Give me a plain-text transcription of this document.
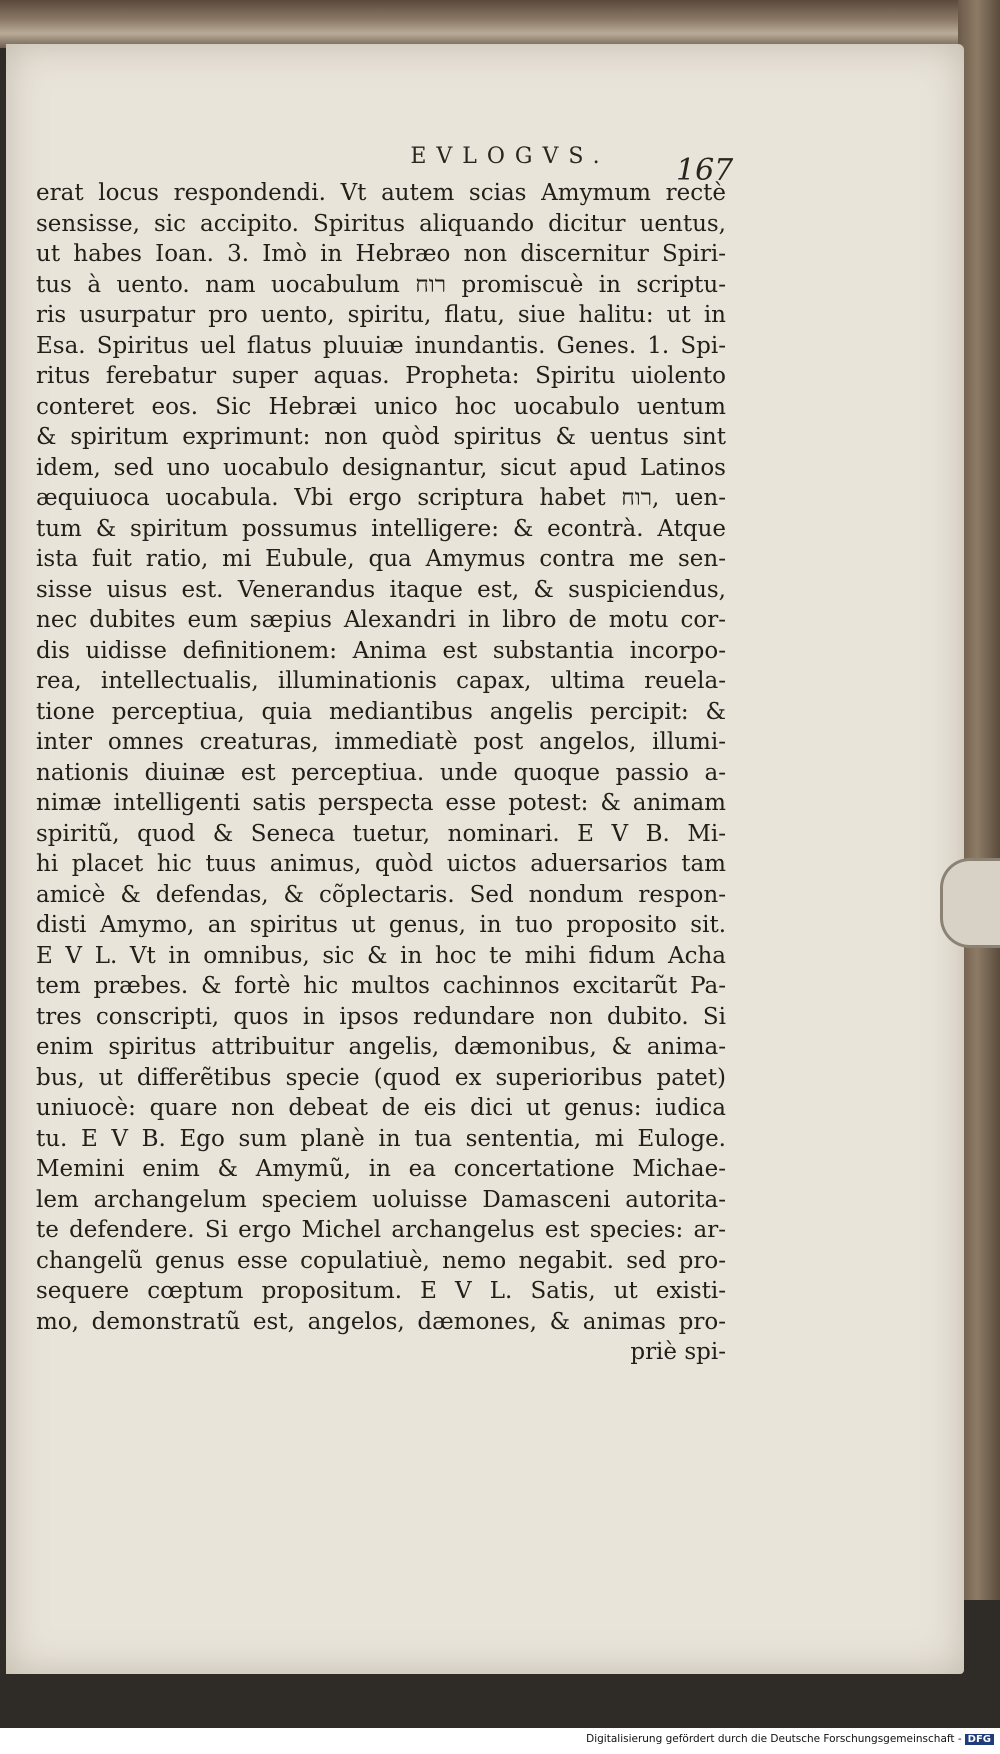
EVLOGVS.	167
erat locus respondendi. Vt autem scias Amymum rectè
sensisse, sic accipito. Spiritus aliquando dicitur uentus,
ut habes Ioan. 3. Imò in Hebræo non discernitur Spiri-
tus à uento. nam uocabulum רוח promiscuè in scriptu-
ris usurpatur pro uento, spiritu, flatu, siue halitu: ut in
Esa. Spiritus uel flatus pluuiæ inundantis. Genes. 1. Spi-
ritus ferebatur super aquas. Propheta: Spiritu uiolento
conteret eos. Sic Hebræi unico hoc uocabulo uentum
& spiritum exprimunt: non quòd spiritus & uentus sint
idem, sed uno uocabulo designantur, sicut apud Latinos
æquiuoca uocabula. Vbi ergo scriptura habet רוח, uen-
tum & spiritum possumus intelligere: & econtrà. Atque
ista fuit ratio, mi Eubule, qua Amymus contra me sen-
sisse uisus est. Venerandus itaque est, & suspiciendus,
nec dubites eum sæpius Alexandri in libro de motu cor-
dis uidisse definitionem: Anima est substantia incorpo-
rea, intellectualis, illuminationis capax, ultima reuela-
tione perceptiua, quia mediantibus angelis percipit: &
inter omnes creaturas, immediatè post angelos, illumi-
nationis diuinæ est perceptiua. unde quoque passio a-
nimæ intelligenti satis perspecta esse potest: & animam
spiritũ, quod & Seneca tuetur, nominari. E V B. Mi-
hi placet hic tuus animus, quòd uictos aduersarios tam
amicè & defendas, & cõplectaris. Sed nondum respon-
disti Amymo, an spiritus ut genus, in tuo proposito sit.
E V L. Vt in omnibus, sic & in hoc te mihi fidum Acha
tem præbes. & fortè hic multos cachinnos excitarũt Pa-
tres conscripti, quos in ipsos redundare non dubito. Si
enim spiritus attribuitur angelis, dæmonibus, & anima-
bus, ut differẽtibus specie (quod ex superioribus patet)
uniuocè: quare non debeat de eis dici ut genus: iudica
tu. E V B. Ego sum planè in tua sententia, mi Euloge.
Memini enim & Amymũ, in ea concertatione Michae-
lem archangelum speciem uoluisse Damasceni autorita-
te defendere. Si ergo Michel archangelus est species: ar-
changelũ genus esse copulatiuè, nemo negabit. sed pro-
sequere cœptum propositum. E V L. Satis, ut existi-
mo, demonstratũ est, angelos, dæmones, & animas pro-
priè spi-
Digitalisierung gefördert durch die Deutsche Forschungsgemeinschaft - DFG
